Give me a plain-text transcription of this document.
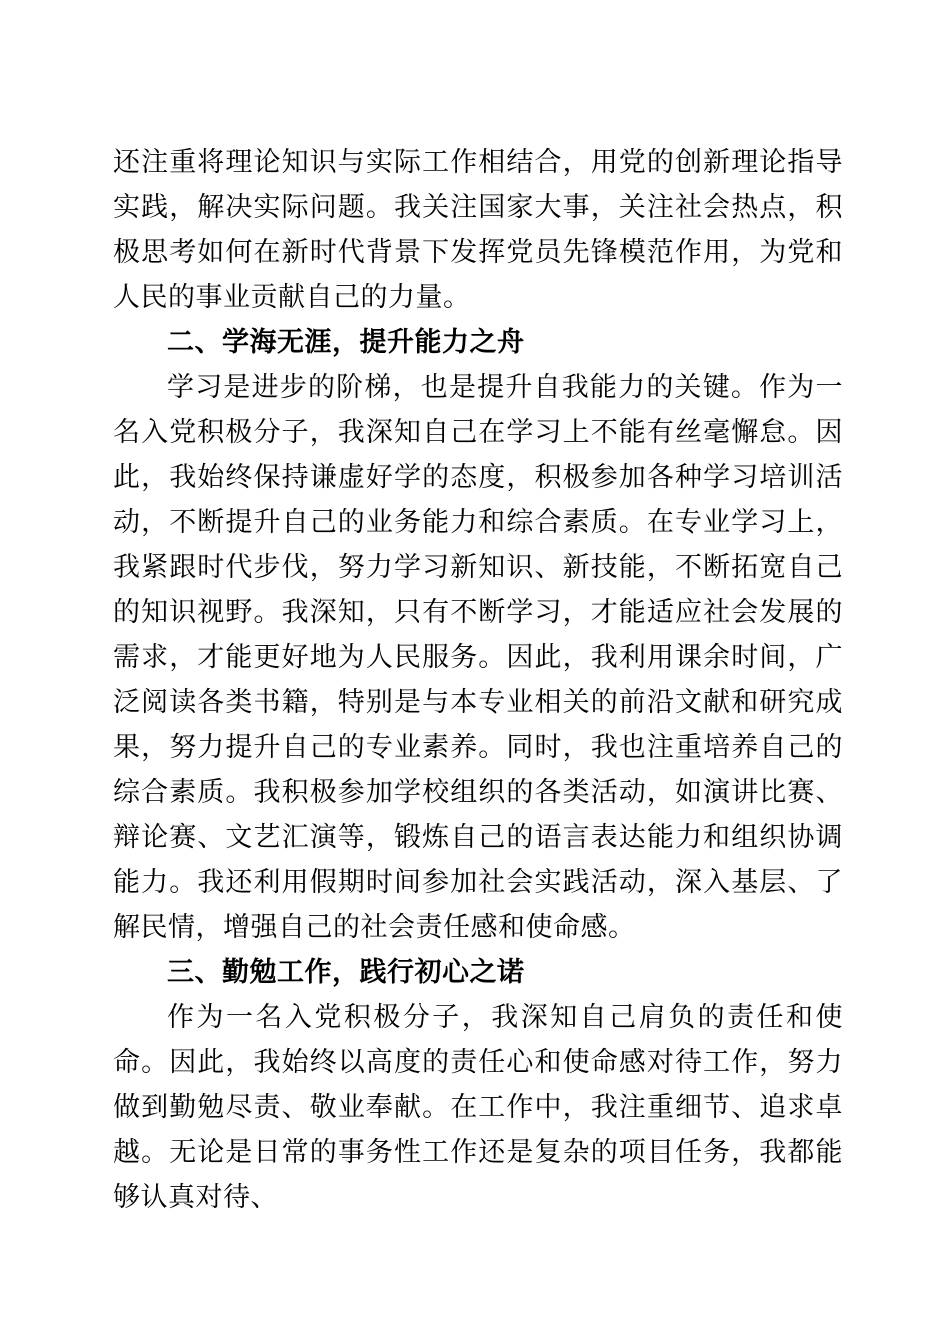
还注重将理论知识与实际工作相结合，用党的创新理论指导实践，解决实际问题。我关注国家大事，关注社会热点，积极思考如何在新时代背景下发挥党员先锋模范作用，为党和人民的事业贡献自己的力量。

二、学海无涯，提升能力之舟

学习是进步的阶梯，也是提升自我能力的关键。作为一名入党积极分子，我深知自己在学习上不能有丝毫懈怠。因此，我始终保持谦虚好学的态度，积极参加各种学习培训活动，不断提升自己的业务能力和综合素质。在专业学习上，我紧跟时代步伐，努力学习新知识、新技能，不断拓宽自己的知识视野。我深知，只有不断学习，才能适应社会发展的需求，才能更好地为人民服务。因此，我利用课余时间，广泛阅读各类书籍，特别是与本专业相关的前沿文献和研究成果，努力提升自己的专业素养。同时，我也注重培养自己的综合素质。我积极参加学校组织的各类活动，如演讲比赛、辩论赛、文艺汇演等，锻炼自己的语言表达能力和组织协调能力。我还利用假期时间参加社会实践活动，深入基层、了解民情，增强自己的社会责任感和使命感。

三、勤勉工作，践行初心之诺

作为一名入党积极分子，我深知自己肩负的责任和使命。因此，我始终以高度的责任心和使命感对待工作，努力做到勤勉尽责、敬业奉献。在工作中，我注重细节、追求卓越。无论是日常的事务性工作还是复杂的项目任务，我都能够认真对待、
